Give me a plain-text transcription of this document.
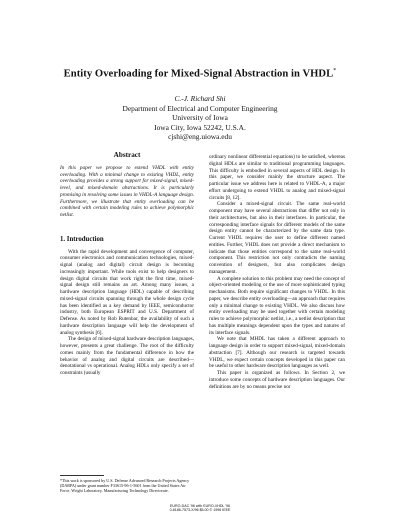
Entity Overloading for Mixed-Signal Abstraction in VHDL*
C.-J. Richard Shi
Department of Electrical and Computer Engineering
University of Iowa
Iowa City, Iowa 52242, U.S.A.
cjshi@eng.uiowa.edu
Abstract

In this paper we propose to extend VHDL with entity overloading. With a minimal change to existing VHDL, entity overloading provides a strong support for mixed-signal, mixed-level, and mixed-domain abstractions. It is particularly promising in resolving some issues in VHDL-A language design. Furthermore, we illustrate that entity overloading can be combined with certain modeling rules to achieve polymorphic netlist.

1. Introduction

With the rapid development and convergence of computer, consumer electronics and communication technologies, mixed-signal (analog and digital) circuit design is becoming increasingly important. While tools exist to help designers to design digital circuits that work right the first time, mixed-signal design still remains an art. Among many issues, a hardware description language (HDL) capable of describing mixed-signal circuits spanning through the whole design cycle has been identified as a key demand by IEEE, semiconductor industry, both European ESPRIT and U.S. Department of Defense. As noted by Rob Rutenbar, the availability of such a hardware description language will help the development of analog synthesis [6].

The design of mixed-signal hardware description languages, however, presents a great challenge. The root of the difficulty comes mainly from the fundamental difference in how the behavior of analog and digital circuits are described—denotational vs operational. Analog HDLs only specify a set of constraints (usually

*This work is sponsored by U.S. Defense Advanced Research Projects Agency (DARPA) under grant number F33615-96-1-5601 from the United States Air Force, Wright Laboratory, Manufacturing Technology Directorate.

ordinary nonlinear differential equations) to be satisfied, whereas digital HDLs are similar to traditional programming languages. This difficulty is embodied in several aspects of HDL design. In this paper, we consider mainly the structure aspect. The particular issue we address here is related to VHDL-A, a major effort undergoing to extend VHDL to analog and mixed-signal circuits [8, 12].

Consider a mixed-signal circuit. The same real-world component may have several abstractions that differ not only in their architectures, but also in their interfaces. In particular, the corresponding interface signals for different models of the same design entity cannot be characterized by the same data type. Current VHDL requires the user to define different named entities. Further, VHDL does not provide a direct mechanism to indicate that those entities correspond to the same real-world component. This restriction not only contradicts the naming convention of designers, but also complicates design management.

A complete solution to this problem may need the concept of object-oriented modeling or the use of more sophisticated typing mechanisms. Both require significant changes to VHDL. In this paper, we describe entity overloading—an approach that requires only a minimal change to existing VHDL. We also discuss how entity overloading may be used together with certain modeling rules to achieve polymorphic netlist, i.e., a netlist description that has multiple meanings dependent upon the types and natures of its interface signals.

We note that MHDL has taken a different approach to language design in order to support mixed-signal, mixed-domain abstraction [7]. Although our research is targeted towards VHDL, we expect certain concepts developed in this paper can be useful to other hardware description languages as well.

This paper is organized as follows. In Section 2, we introduce some concepts of hardware description languages. Our definitions are by no means precise nor

EURO-DAC '96 with EURO-VHDL '96
0-8186-7573-X/96 $5.00 © 1996 IEEE
